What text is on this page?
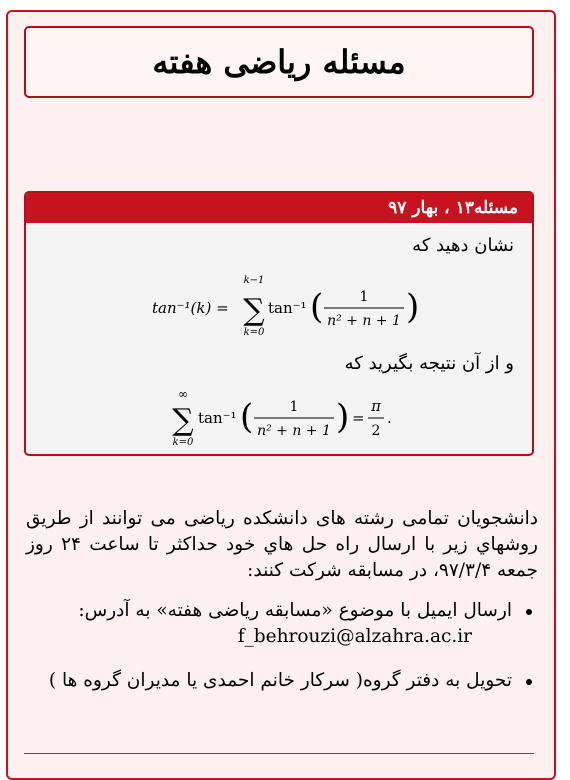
مسئله ریاضی هفته
مسئله۱۳ ، بهار ۹۷
نشان دهید که
tan⁻¹(k) =
k−1
∑
k=0
tan⁻¹ (	1
n² + n + 1 )
و از آن نتیجه بگیرید که
∞
∑
k=0
tan⁻¹ (	1
n² + n + 1 ) =
π
2
.
دانشجویان تمامی رشته های دانشکده ریاضی می توانند از طریق روشهاي زير با ارسال راه حل هاي خود حداکثر تا ساعت ۲۴ روز جمعه ۹۷/۳/۴، در مسابقه شرکت کنند:
ارسال ایمیل با موضوع «مسابقه ریاضی هفته» به آدرس:
f_behrouzi@alzahra.ac.ir
تحویل به دفتر گروه( سرکار خانم احمدی یا مدیران گروه ها )
